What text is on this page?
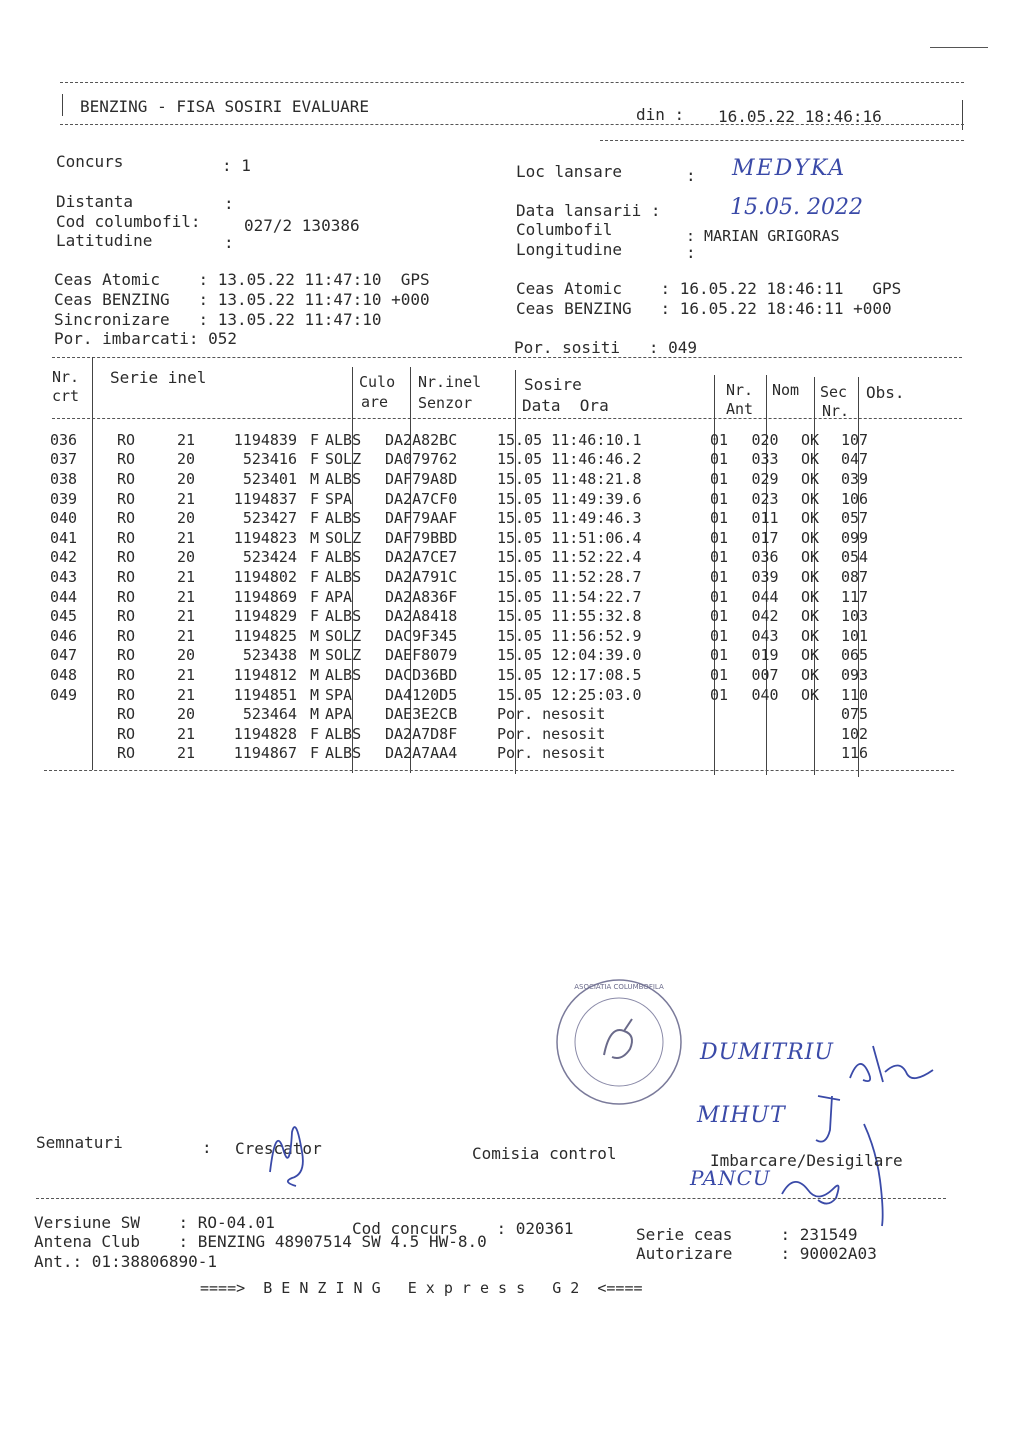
BENZING - FISA SOSIRI EVALUARE	din : 16.05.22 18:46:16
Concurs	: 1
Distanta	:
Cod columbofil:	027/2 130386
Latitudine	:
Loc lansare	: MEDYKA
Data lansarii :	15.05. 2022
Columbofil	: MARIAN GRIGORAS
Longitudine	:
Ceas Atomic    : 13.05.22 11:47:10  GPS
Ceas BENZING   : 13.05.22 11:47:10 +000
Sincronizare   : 13.05.22 11:47:10
Por. imbarcati: 052
Ceas Atomic    : 16.05.22 18:46:11   GPS
Ceas BENZING   : 16.05.22 18:46:11 +000
Por. sositi   : 049
Nr.
crt
Serie inel	Culo
are
Nr.inel
Senzor
Sosire
Data  Ora
Nr.
Ant
Nom Sec
Nr.
Obs.
036	RO	21	1194839	F	ALBS	DA2A82BC	15.05 11:46:10.1	01	020	OK	107
037	RO	20	523416	F	SOLZ	DA079762	15.05 11:46:46.2	01	033	OK	047
038	RO	20	523401	M	ALBS	DAF79A8D	15.05 11:48:21.8	01	029	OK	039
039	RO	21	1194837	F	SPA	DA2A7CF0	15.05 11:49:39.6	01	023	OK	106
040	RO	20	523427	F	ALBS	DAF79AAF	15.05 11:49:46.3	01	011	OK	057
041	RO	21	1194823	M	SOLZ	DAF79BBD	15.05 11:51:06.4	01	017	OK	099
042	RO	20	523424	F	ALBS	DA2A7CE7	15.05 11:52:22.4	01	036	OK	054
043	RO	21	1194802	F	ALBS	DA2A791C	15.05 11:52:28.7	01	039	OK	087
044	RO	21	1194869	F	APA	DA2A836F	15.05 11:54:22.7	01	044	OK	117
045	RO	21	1194829	F	ALBS	DA2A8418	15.05 11:55:32.8	01	042	OK	103
046	RO	21	1194825	M	SOLZ	DAC9F345	15.05 11:56:52.9	01	043	OK	101
047	RO	20	523438	M	SOLZ	DAEF8079	15.05 12:04:39.0	01	019	OK	065
048	RO	21	1194812	M	ALBS	DACD36BD	15.05 12:17:08.5	01	007	OK	093
049	RO	21	1194851	M	SPA	DA4120D5	15.05 12:25:03.0	01	040	OK	110
	RO	20	523464	M	APA	DAE3E2CB	Por. nesosit				075
	RO	21	1194828	F	ALBS	DA2A7D8F	Por. nesosit				102
	RO	21	1194867	F	ALBS	DA2A7AA4	Por. nesosit				116
ASOCIATIA COLUMBOFILA
DUMITRIU
MIHUT
PANCU
Semnaturi	: Crescator	Comisia control	Imbarcare/Desigilare
Versiune SW    : RO-04.01	Cod concurs    : 020361	Serie ceas     : 231549
Antena Club    : BENZING 48907514 SW 4.5 HW-8.0
Autorizare     : 90002A03
Ant.: 01:38806890-1
====>  B E N Z I N G   E x p r e s s   G 2  <====
